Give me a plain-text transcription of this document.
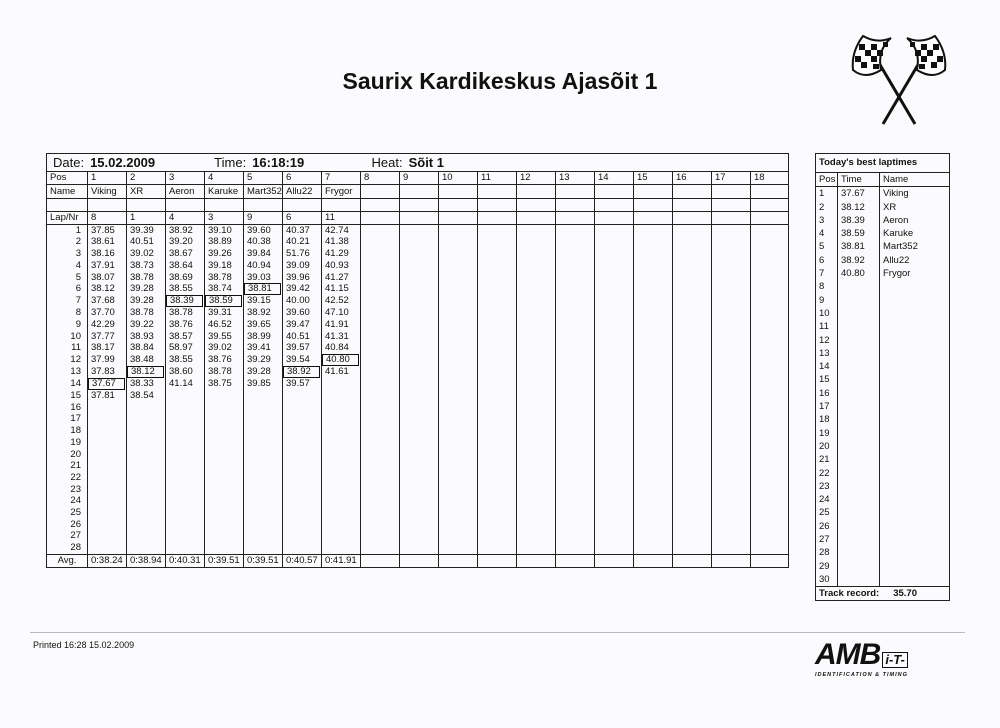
Saurix Kardikeskus Ajasõit 1
Date: 15.02.2009 Time: 16:18:19 Heat: Sõit 1																		
Pos	1	2	3	4	5	6	7	8	9	10	11	12	13	14	15	16	17	18
Name	Viking	XR	Aeron	Karuke	Mart352	Allu22	Frygor											

Lap/Nr	8	1	4	3	9	6	11											
1	37.85	39.39	38.92	39.10	39.60	40.37	42.74											
2	38.61	40.51	39.20	38.89	40.38	40.21	41.38											
3	38.16	39.02	38.67	39.26	39.84	51.76	41.29											
4	37.91	38.73	38.64	39.18	40.94	39.09	40.93											
5	38.07	38.78	38.69	38.78	39.03	39.96	41.27											
6	38.12	39.28	38.55	38.74	38.81	39.42	41.15											
7	37.68	39.28	38.39	38.59	39.15	40.00	42.52											
8	37.70	38.78	38.78	39.31	38.92	39.60	47.10											
9	42.29	39.22	38.76	46.52	39.65	39.47	41.91											
10	37.77	38.93	38.57	39.55	38.99	40.51	41.31											
11	38.17	38.84	58.97	39.02	39.41	39.57	40.84											
12	37.99	38.48	38.55	38.76	39.29	39.54	40.80											
13	37.83	38.12	38.60	38.78	39.28	38.92	41.61											
14	37.67	38.33	41.14	38.75	39.85	39.57												
15	37.81	38.54																
16																		
17																		
18																		
19																		
20																		
21																		
22																		
23																		
24																		
25																		
26																		
27																		
28																		
Avg.	0:38.24	0:38.94	0:40.31	0:39.51	0:39.51	0:40.57	0:41.91											
Today's best laptimes		
Pos	Time	Name
1	37.67	Viking
2	38.12	XR
3	38.39	Aeron
4	38.59	Karuke
5	38.81	Mart352
6	38.92	Allu22
7	40.80	Frygor
8		
9		
10		
11		
12		
13		
14		
15		
16		
17		
18		
19		
20		
21		
22		
23		
24		
25		
26		
27		
28		
29		
30		
Track record: 35.70		
Printed 16:28 15.02.2009	AMB i-T-
IDENTIFICATION & TIMING
